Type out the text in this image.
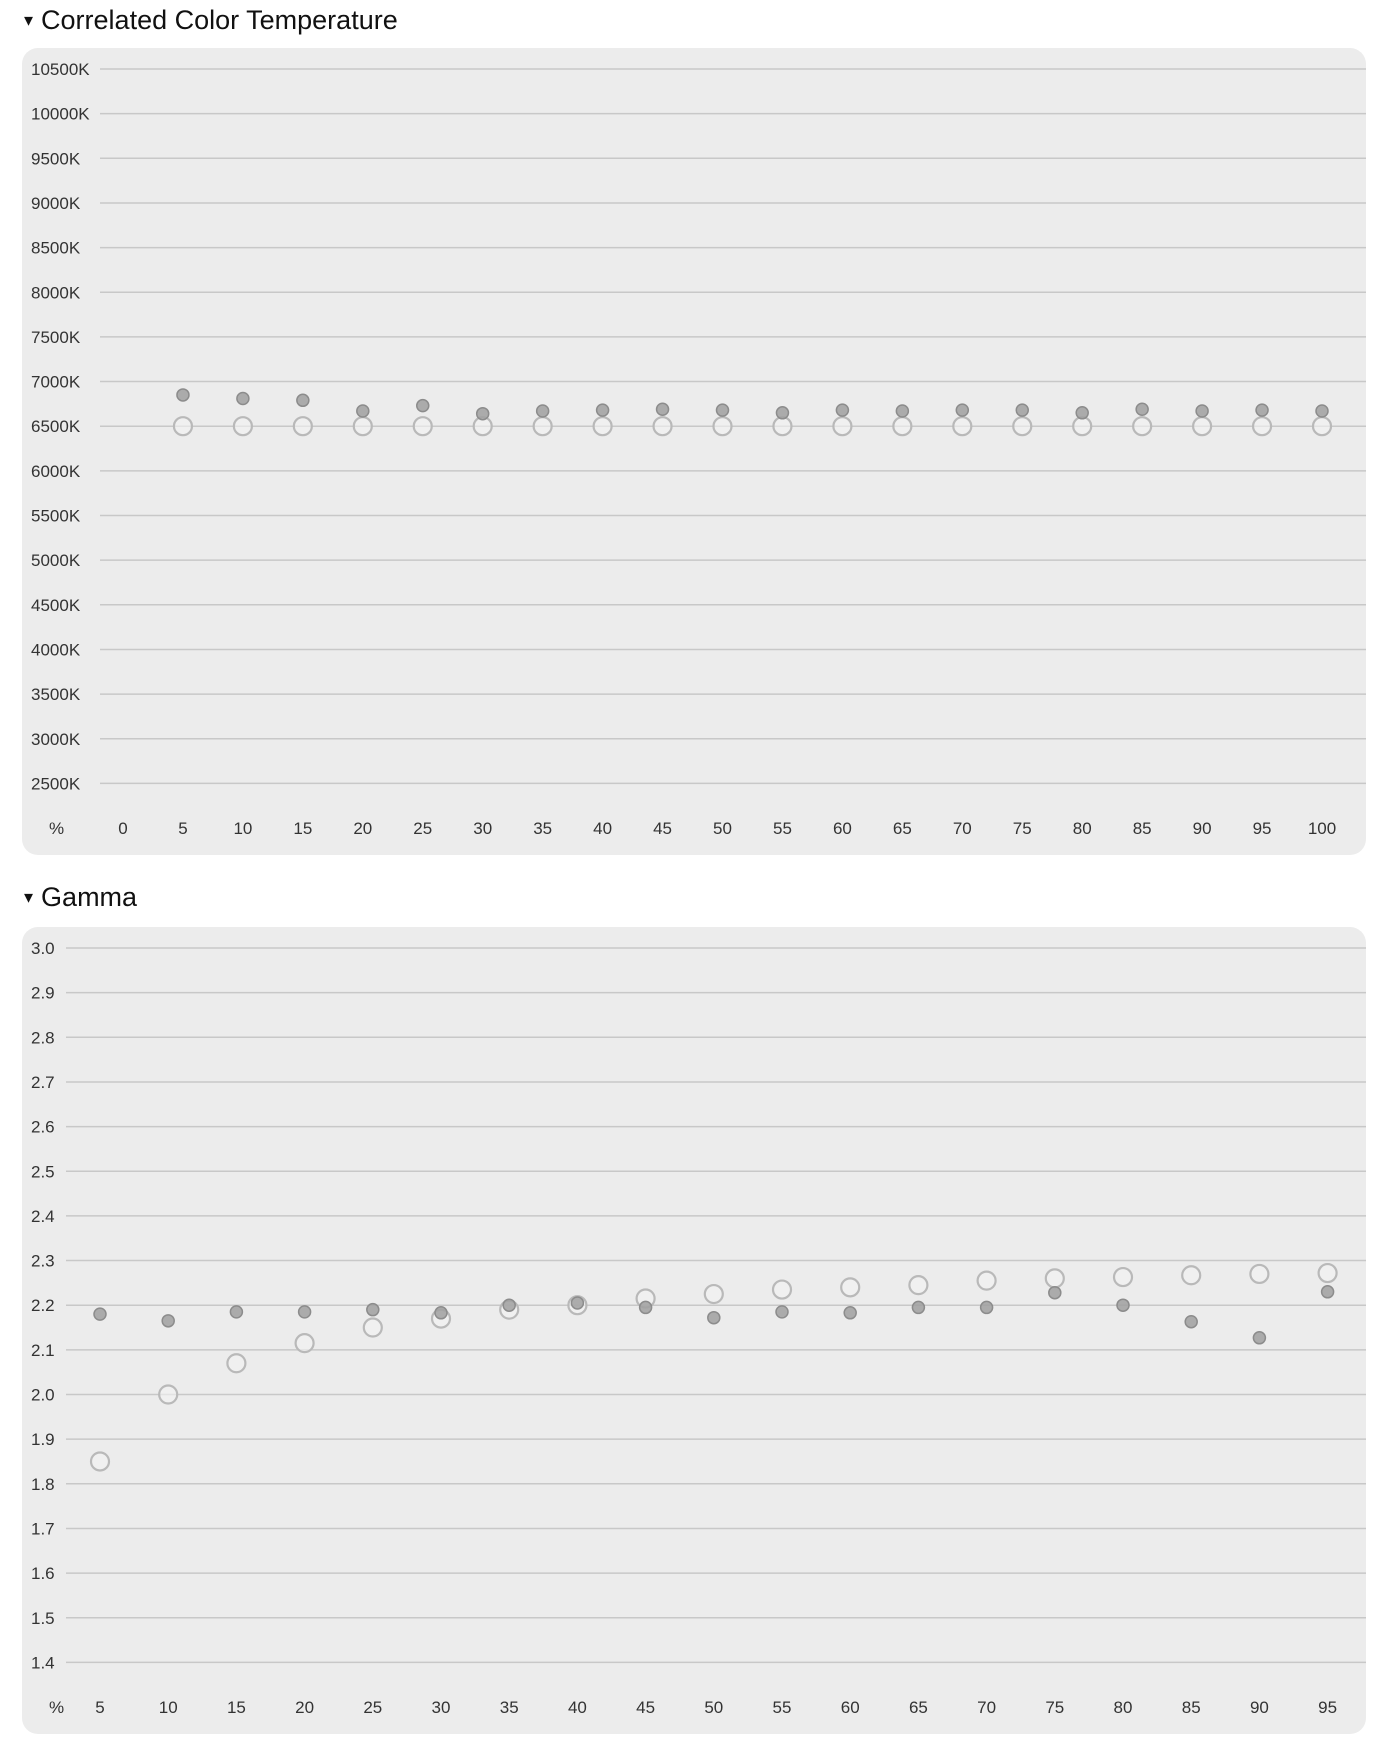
▾ Correlated Color Temperature
10500K
10000K
9500K
9000K
8500K
8000K
7500K
7000K
6500K
6000K
5500K
5000K
4500K
4000K
3500K
3000K
2500K
%	0	5	10 15 20 25 30 35 40 45 50 55 60 65 70 75 80 85 90 95 100
▾ Gamma
3.0
2.9
2.8
2.7
2.6
2.5
2.4
2.3
2.2
2.1
2.0
1.9
1.8
1.7
1.6
1.5
1.4
% 5	10	15	20	25	30	35	40	45	50	55	60	65	70	75	80	85	90	95
